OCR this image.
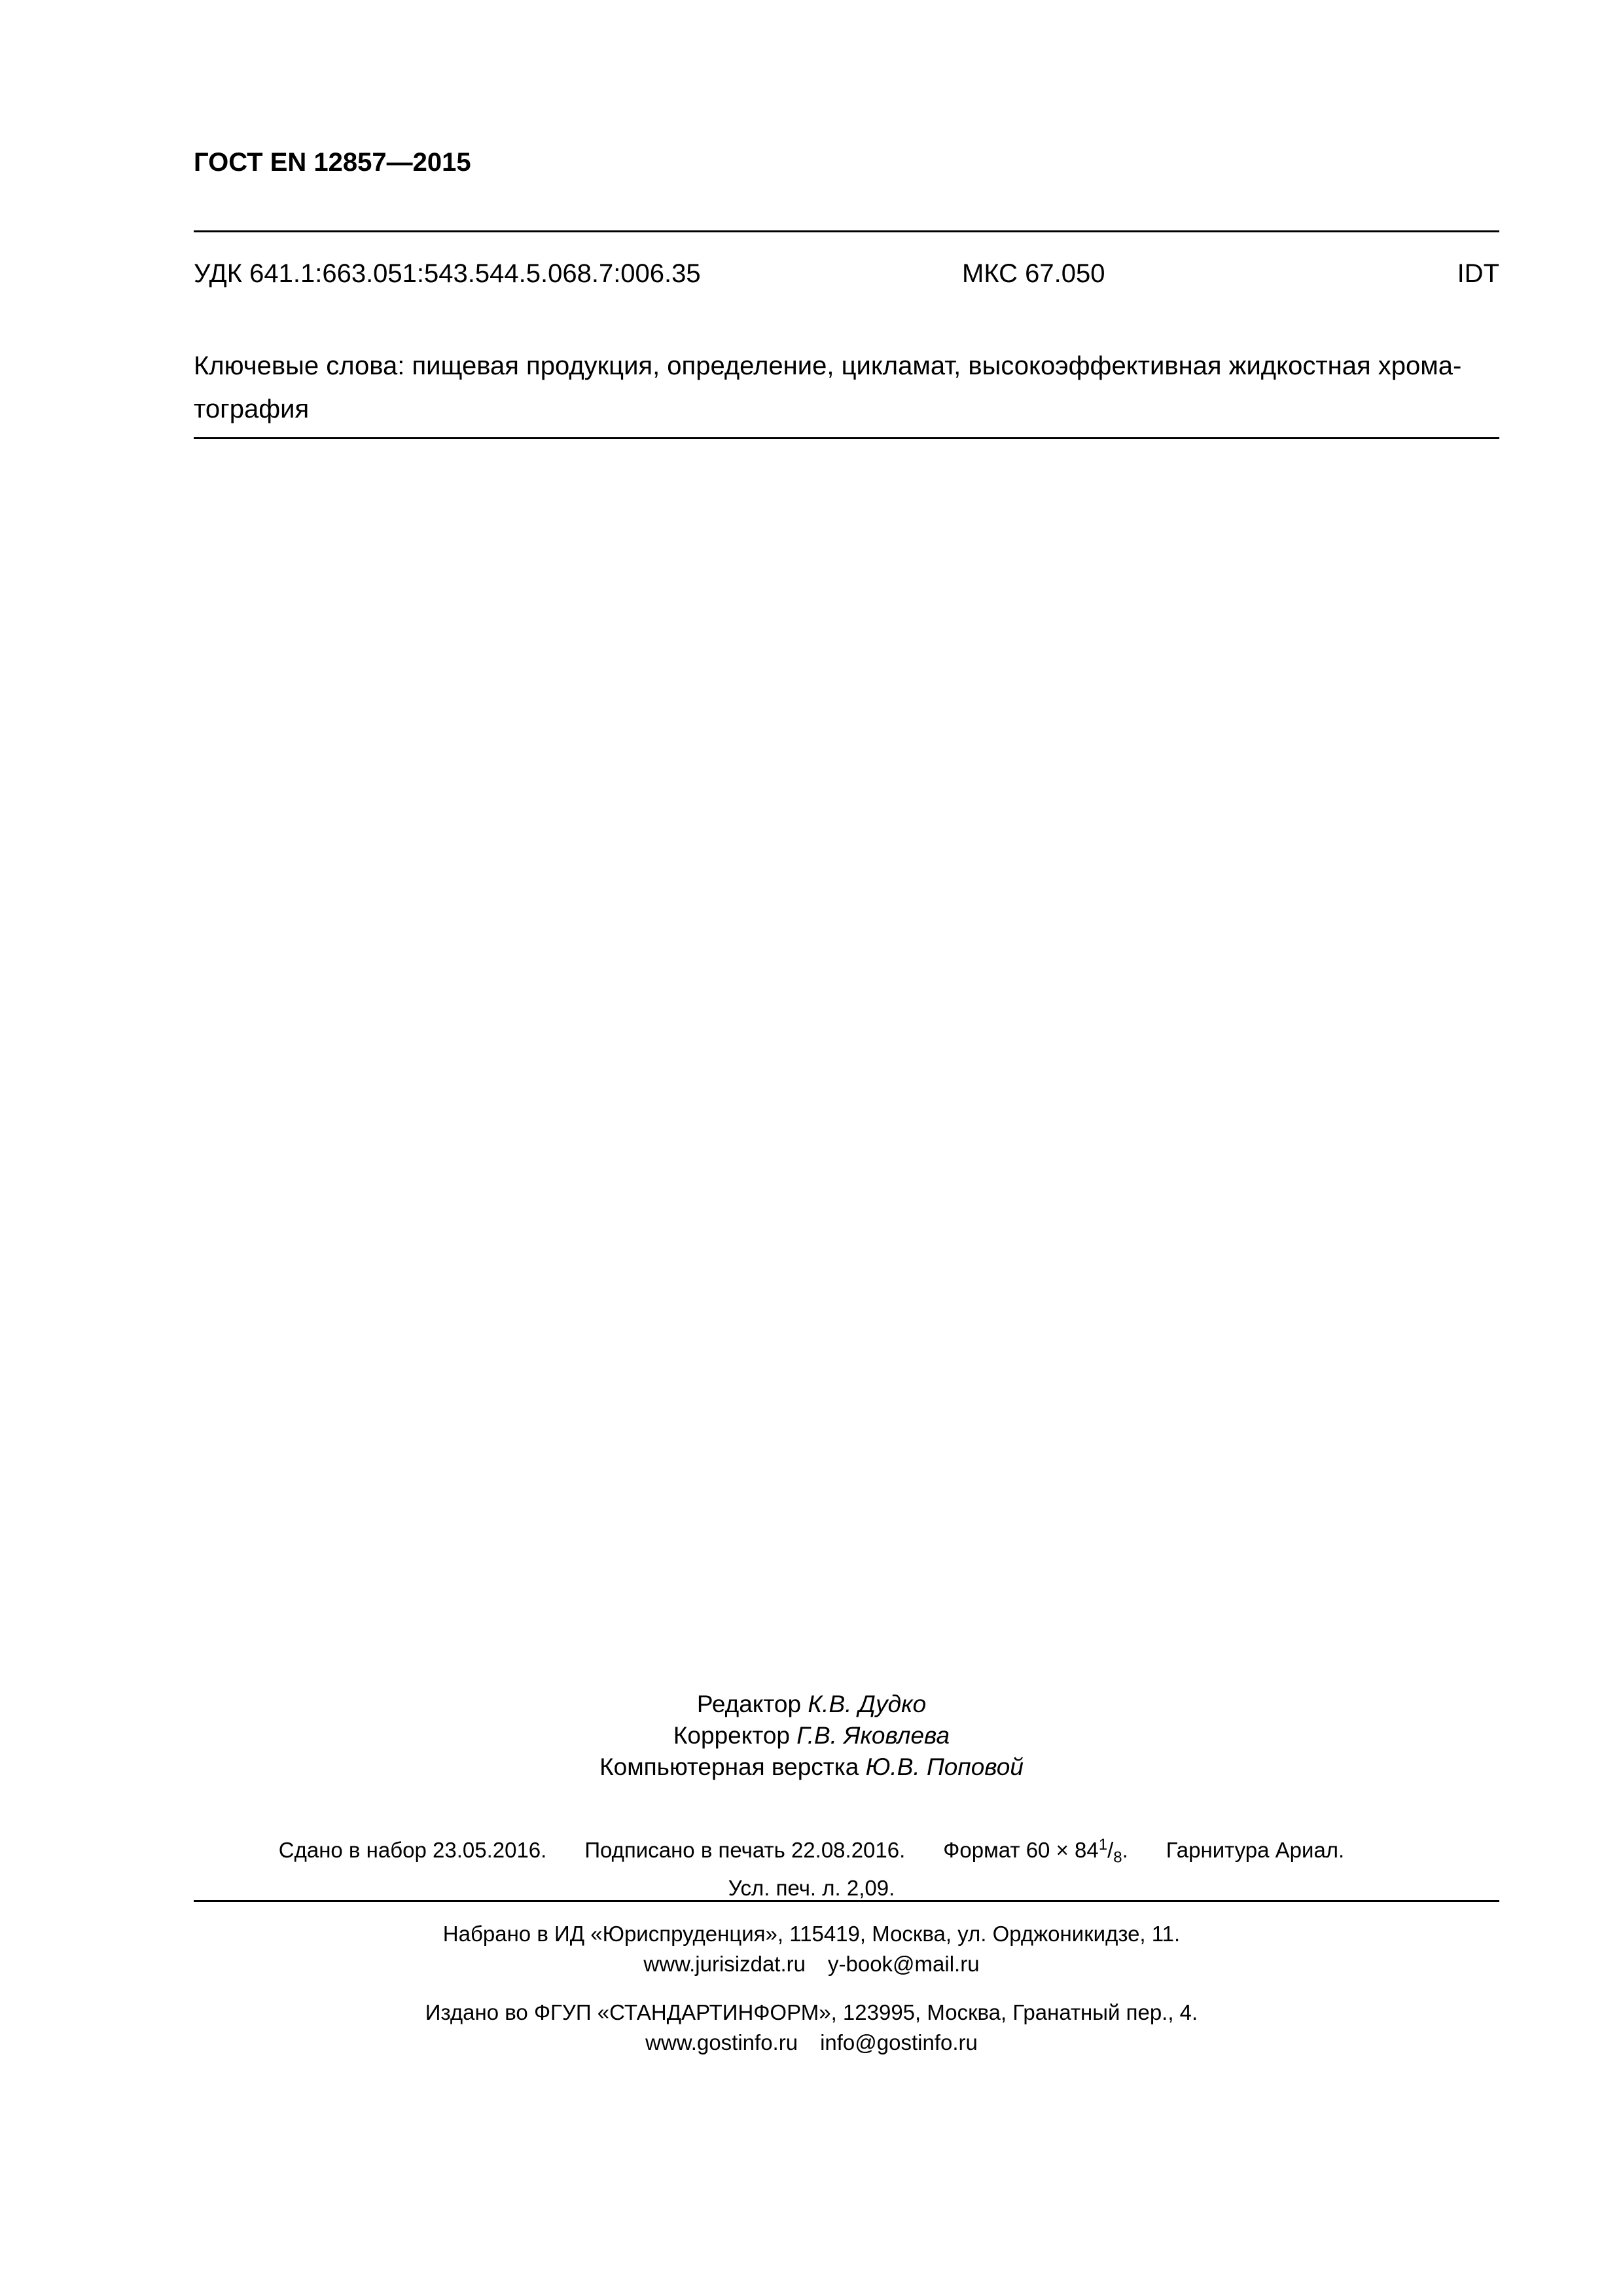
ГОСТ EN 12857—2015
УДК 641.1:663.051:543.544.5.068.7:006.35	МКС 67.050	IDT
Ключевые слова: пищевая продукция, определение, цикламат, высокоэффективная жидкостная хрома-
тография
Редактор К.В. Дудко
Корректор Г.В. Яковлева
Компьютерная верстка Ю.В. Поповой
Сдано в набор 23.05.2016. Подписано в печать 22.08.2016. Формат $60 \times 84^1/_8$. Гарнитура Ариал.
Усл. печ. л. 2,09.
Набрано в ИД «Юриспруденция», 115419, Москва, ул. Орджоникидзе, 11.
www.jurisizdat.ru y-book@mail.ru
Издано во ФГУП «СТАНДАРТИНФОРМ», 123995, Москва, Гранатный пер., 4.
www.gostinfo.ru info@gostinfo.ru
